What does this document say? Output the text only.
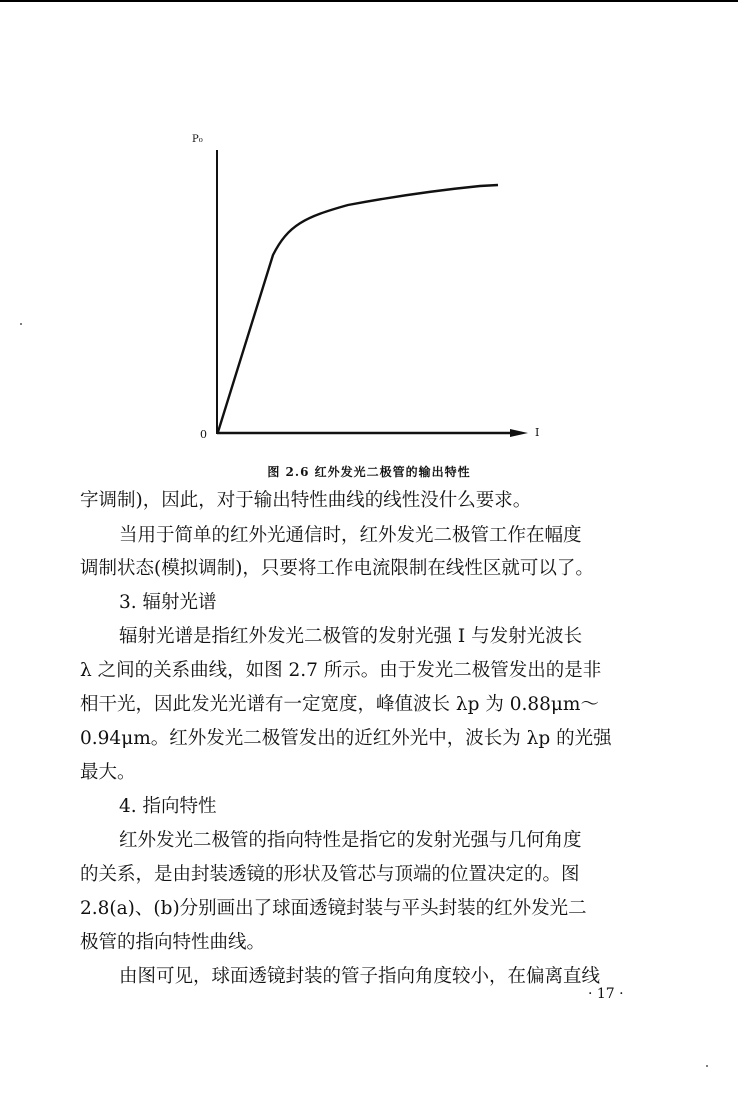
P₀
0	I
图 2.6 红外发光二极管的输出特性
字调制)，因此，对于输出特性曲线的线性没什么要求。
当用于简单的红外光通信时，红外发光二极管工作在幅度
调制状态(模拟调制)，只要将工作电流限制在线性区就可以了。
3. 辐射光谱
辐射光谱是指红外发光二极管的发射光强 I 与发射光波长
λ 之间的关系曲线，如图 2.7 所示。由于发光二极管发出的是非
相干光，因此发光光谱有一定宽度，峰值波长 λp 为 0.88μm～
0.94μm。红外发光二极管发出的近红外光中，波长为 λp 的光强
最大。
4. 指向特性
红外发光二极管的指向特性是指它的发射光强与几何角度
的关系，是由封装透镜的形状及管芯与顶端的位置决定的。图
2.8(a)、(b)分别画出了球面透镜封装与平头封装的红外发光二
极管的指向特性曲线。
由图可见，球面透镜封装的管子指向角度较小，在偏离直线
· 17 ·
